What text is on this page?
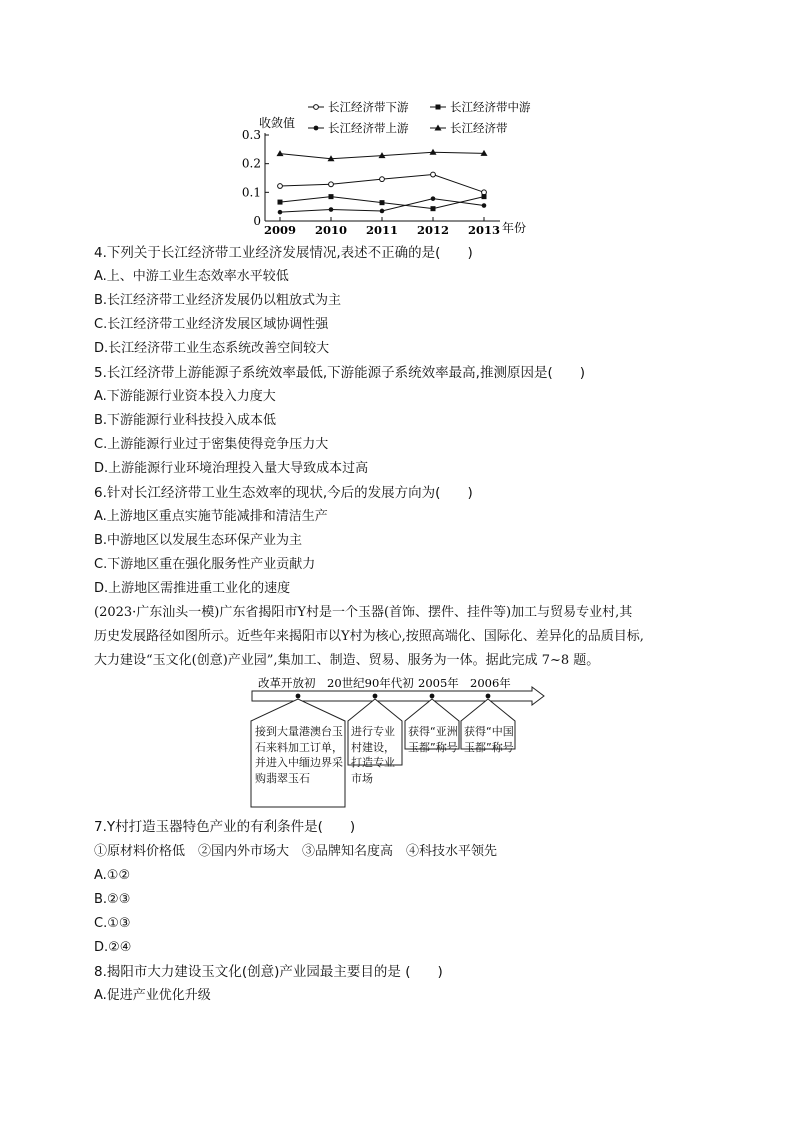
长江经济带下游	长江经济带中游
长江经济带上游	长江经济带
收敛值
年份
0
0.1
0.2
0.3
2009 2010 2011 2012 2013
4.下列关于长江经济带工业经济发展情况,表述不正确的是(　　)
A.上、中游工业生态效率水平较低
B.长江经济带工业经济发展仍以粗放式为主
C.长江经济带工业经济发展区域协调性强
D.长江经济带工业生态系统改善空间较大
5.长江经济带上游能源子系统效率最低,下游能源子系统效率最高,推测原因是(　　)
A.下游能源行业资本投入力度大
B.下游能源行业科技投入成本低
C.上游能源行业过于密集使得竞争压力大
D.上游能源行业环境治理投入量大导致成本过高
6.针对长江经济带工业生态效率的现状,今后的发展方向为(　　)
A.上游地区重点实施节能减排和清洁生产
B.中游地区以发展生态环保产业为主
C.下游地区重在强化服务性产业贡献力
D.上游地区需推进重工业化的速度
(2023·广东汕头一模)广东省揭阳市Y村是一个玉器(首饰、摆件、挂件等)加工与贸易专业村,其
历史发展路径如图所示。近些年来揭阳市以Y村为核心,按照高端化、国际化、差异化的品质目标,
大力建设“玉文化(创意)产业园”,集加工、制造、贸易、服务为一体。据此完成 7~8 题。
改革开放初 20世纪90年代初 2005年 2006年
接到大量港澳台玉石来料加工订单，并进入中缅边界采购翡翠玉石
进行专业村建设，打造专业市场
获得“亚洲玉都”称号
获得“中国玉都”称号
7.Y村打造玉器特色产业的有利条件是(　　)
①原材料价格低　②国内外市场大　③品牌知名度高　④科技水平领先
A.①②
B.②③
C.①③
D.②④
8.揭阳市大力建设玉文化(创意)产业园最主要目的是 (　　)
A.促进产业优化升级
